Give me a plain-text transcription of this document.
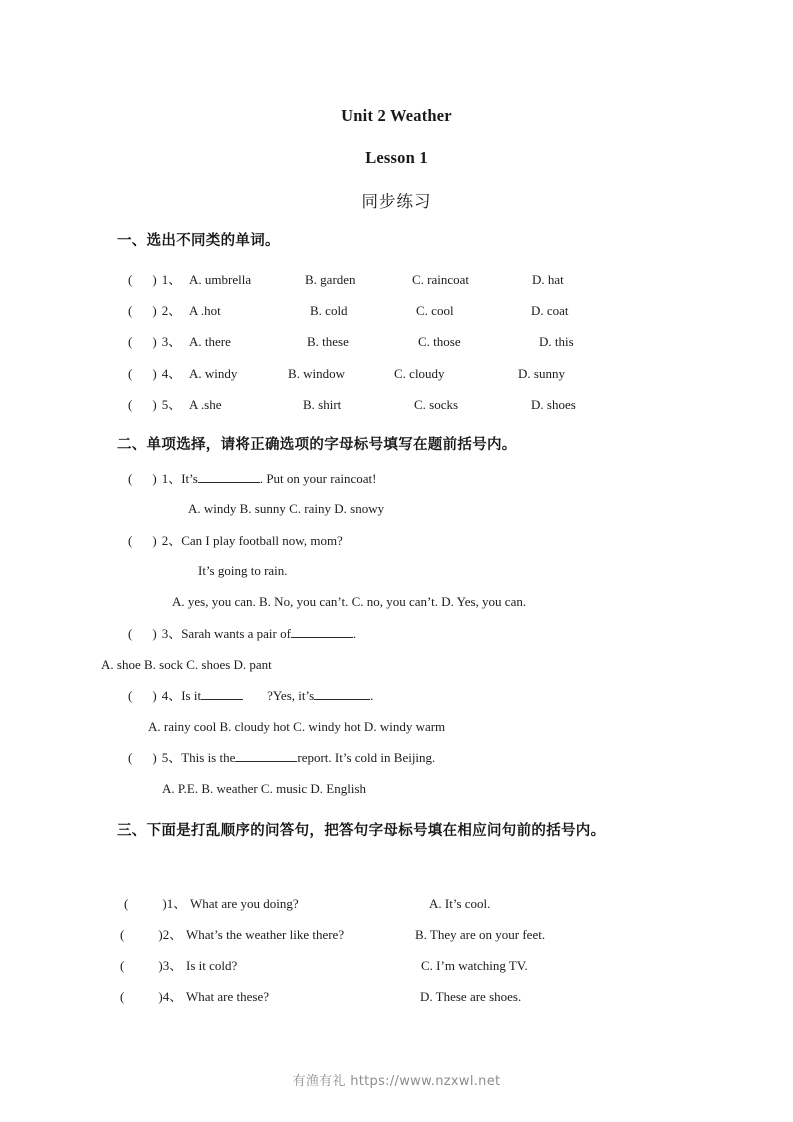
Unit 2 Weather
Lesson 1
同步练习
一、选出不同类的单词。
( ) 1、 A. umbrella	B. garden	C. raincoat	D. hat
( ) 2、 A .hot	B. cold	C. cool	D. coat
( ) 3、 A. there	B. these	C. those	D. this
( ) 4、 A. windy	B. window	C. cloudy	D. sunny
( ) 5、 A .she	B. shirt	C. socks	D. shoes
二、单项选择，请将正确选项的字母标号填写在题前括号内。
( ) 1、It’s	. Put on your raincoat!
A. windy B. sunny C. rainy D. snowy
( ) 2、Can I play football now, mom?
It’s going to rain.
A. yes, you can. B. No, you can’t. C. no, you can’t. D. Yes, you can.
( ) 3、Sarah wants a pair of	.
A. shoe B. sock C. shoes D. pant
( ) 4、Is it	?Yes, it’s	.
A. rainy cool B. cloudy hot C. windy hot D. windy warm
( ) 5、This is the	report. It’s cold in Beijing.
A. P.E. B. weather C. music D. English
三、下面是打乱顺序的问答句，把答句字母标号填在相应问句前的括号内。
(	)1、 What are you doing?	A. It’s cool.
(	)2、 What’s the weather like there?	B. They are on your feet.
(	)3、 Is it cold?	C. I’m watching TV.
(	)4、 What are these?	D. These are shoes.
有渔有礼 https://www.nzxwl.net
